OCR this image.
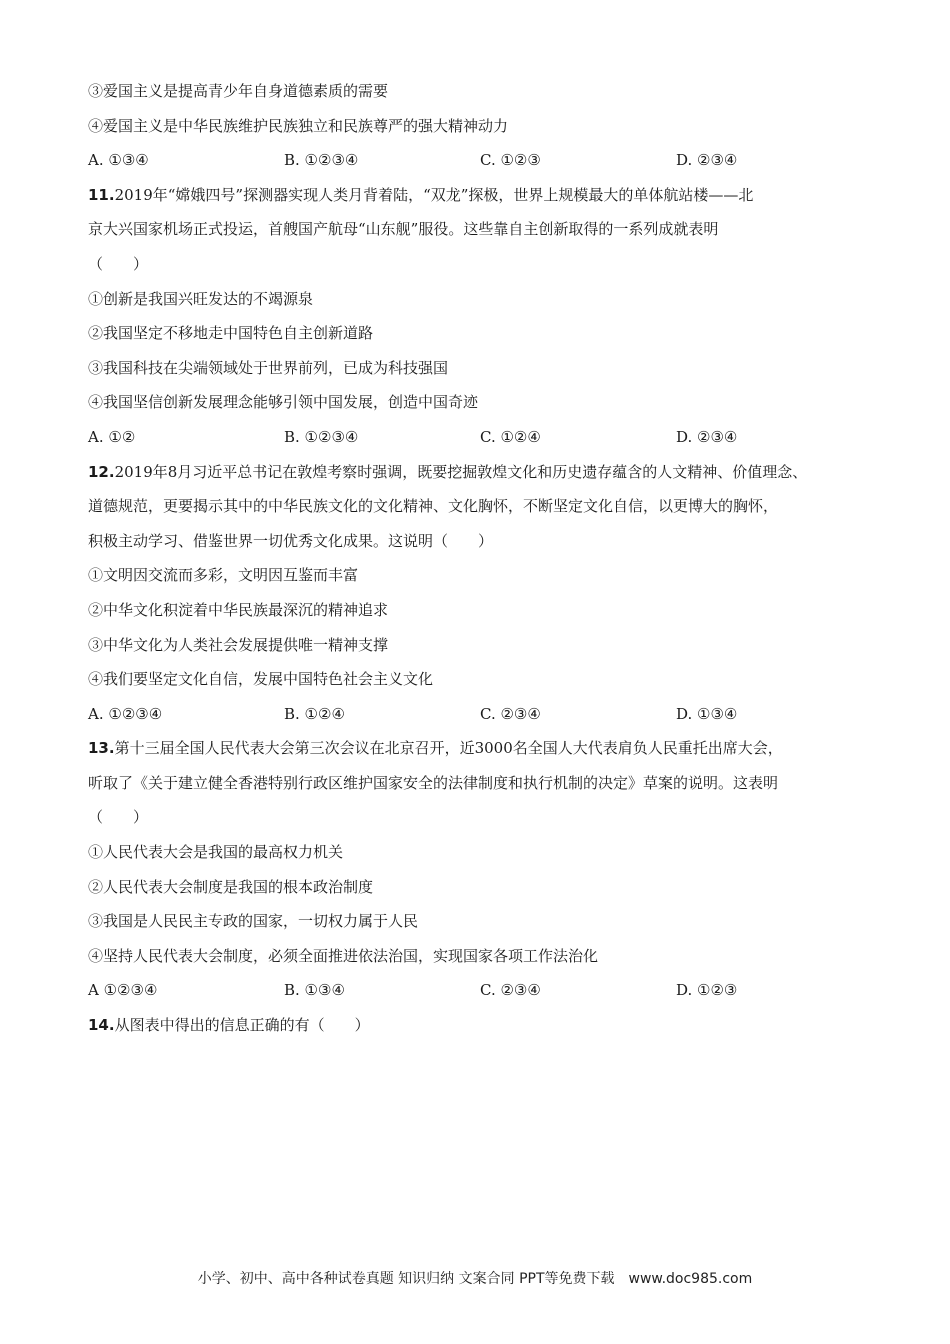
③爱国主义是提高青少年自身道德素质的需要
④爱国主义是中华民族维护民族独立和民族尊严的强大精神动力
A. ①③④	B. ①②③④	C. ①②③	D. ②③④
11.2019年“嫦娥四号”探测器实现人类月背着陆，“双龙”探极，世界上规模最大的单体航站楼——北
京大兴国家机场正式投运，首艘国产航母“山东舰”服役。这些靠自主创新取得的一系列成就表明
（　　）
①创新是我国兴旺发达的不竭源泉
②我国坚定不移地走中国特色自主创新道路
③我国科技在尖端领域处于世界前列，已成为科技强国
④我国坚信创新发展理念能够引领中国发展，创造中国奇迹
A. ①②	B. ①②③④	C. ①②④	D. ②③④
12.2019年8月习近平总书记在敦煌考察时强调，既要挖掘敦煌文化和历史遗存蕴含的人文精神、价值理念、
道德规范，更要揭示其中的中华民族文化的文化精神、文化胸怀，不断坚定文化自信，以更博大的胸怀，
积极主动学习、借鉴世界一切优秀文化成果。这说明（　　）
①文明因交流而多彩，文明因互鉴而丰富
②中华文化积淀着中华民族最深沉的精神追求
③中华文化为人类社会发展提供唯一精神支撑
④我们要坚定文化自信，发展中国特色社会主义文化
A. ①②③④	B. ①②④	C. ②③④	D. ①③④
13.第十三届全国人民代表大会第三次会议在北京召开，近3000名全国人大代表肩负人民重托出席大会，
听取了《关于建立健全香港特别行政区维护国家安全的法律制度和执行机制的决定》草案的说明。这表明
（　　）
①人民代表大会是我国的最高权力机关
②人民代表大会制度是我国的根本政治制度
③我国是人民民主专政的国家，一切权力属于人民
④坚持人民代表大会制度，必须全面推进依法治国，实现国家各项工作法治化
A ①②③④	B. ①③④	C. ②③④	D. ①②③
14.从图表中得出的信息正确的有（　　）
小学、初中、高中各种试卷真题 知识归纳 文案合同 PPT等免费下载　www.doc985.com
